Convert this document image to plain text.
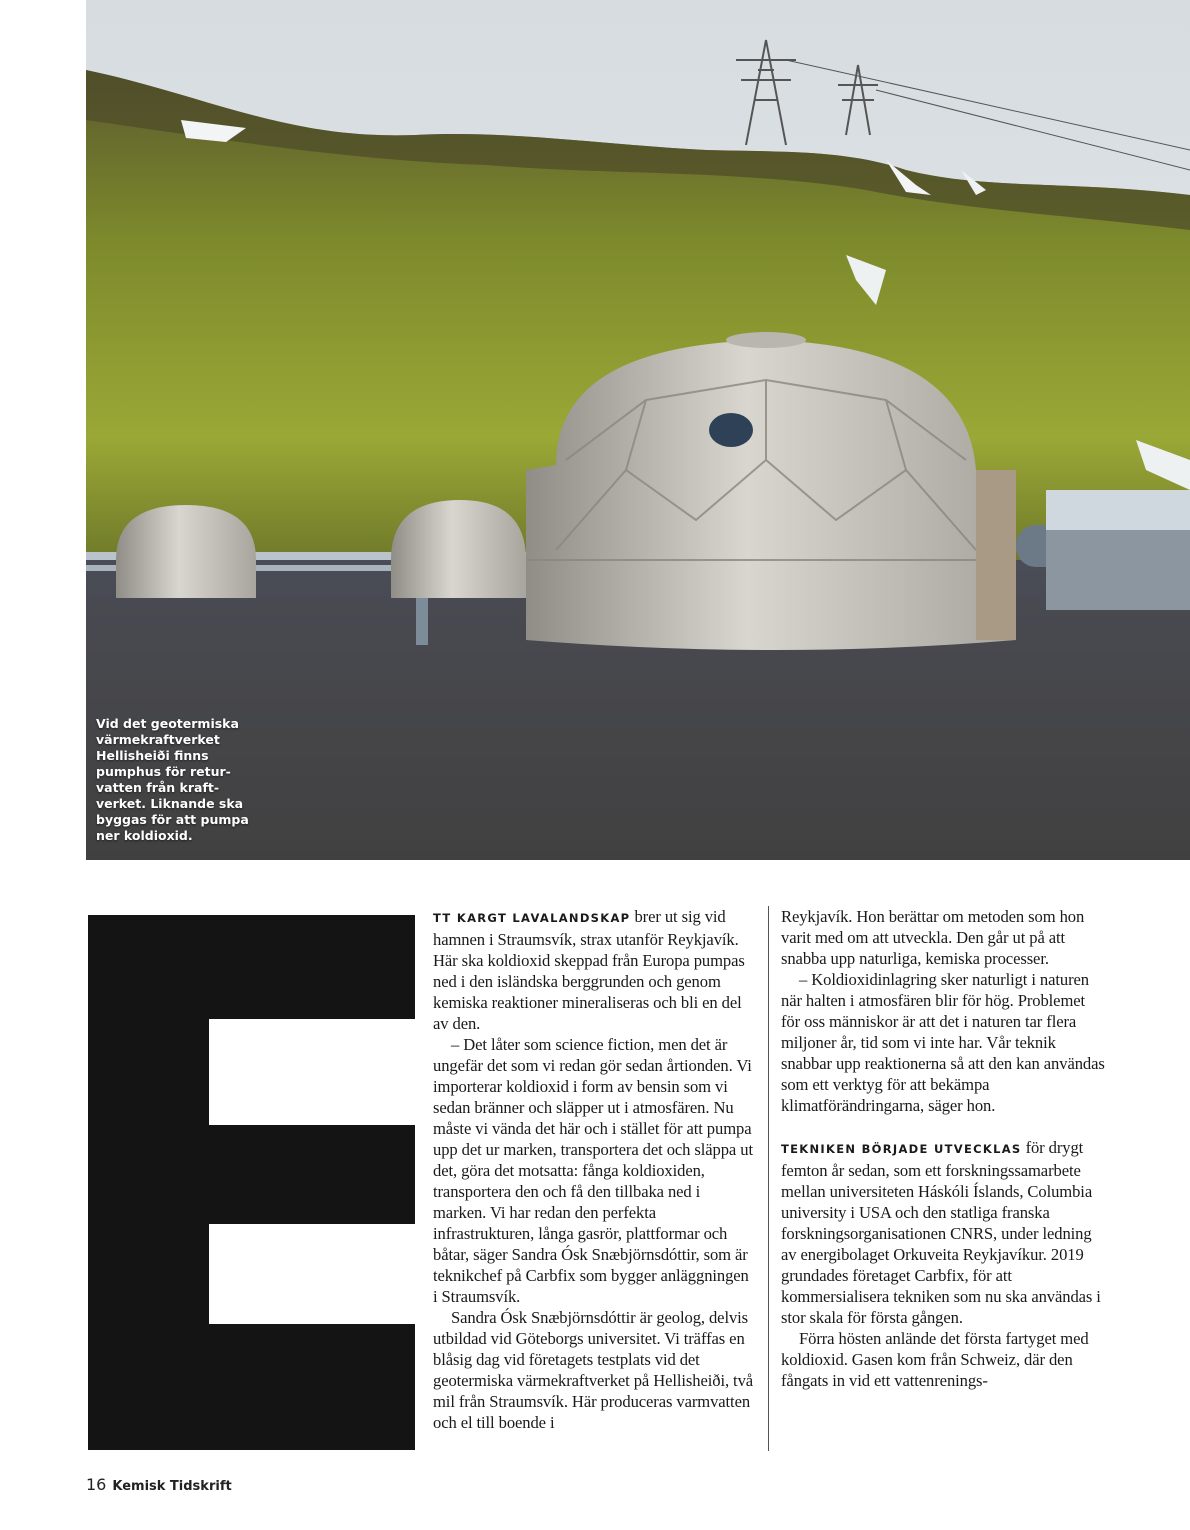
Vid det geotermiska
värmekraftverket
Hellisheiði finns
pumphus för retur-
vatten från kraft-
verket. Liknande ska
byggas för att pumpa
ner koldioxid.

TT KARGT LAVALANDSKAP brer ut sig vid hamnen i Straumsvík, strax utanför Reykjavík. Här ska koldioxid skeppad från Europa pumpas ned i den isländska berggrunden och genom kemiska reaktioner mineraliseras och bli en del av den.

– Det låter som science fiction, men det är ungefär det som vi redan gör sedan årtionden. Vi importerar koldioxid i form av bensin som vi sedan bränner och släpper ut i atmosfären. Nu måste vi vända det här och i stället för att pumpa upp det ur marken, transportera det och släppa ut det, göra det motsatta: fånga koldioxiden, transportera den och få den tillbaka ned i marken. Vi har redan den perfekta infrastrukturen, långa gasrör, plattformar och båtar, säger Sandra Ósk Snæbjörnsdóttir, som är teknikchef på Carbfix som bygger anläggningen i Straumsvík.

Sandra Ósk Snæbjörnsdóttir är geolog, delvis utbildad vid Göteborgs universitet. Vi träffas en blåsig dag vid företagets testplats vid det geotermiska värmekraftverket på Hellisheiði, två mil från Straumsvík. Här produceras varmvatten och el till boende i

Reykjavík. Hon berättar om metoden som hon varit med om att utveckla. Den går ut på att snabba upp naturliga, kemiska processer.

– Koldioxidinlagring sker naturligt i naturen när halten i atmosfären blir för hög. Problemet för oss människor är att det i naturen tar flera miljoner år, tid som vi inte har. Vår teknik snabbar upp reaktionerna så att den kan användas som ett verktyg för att bekämpa klimatförändringarna, säger hon.

TEKNIKEN BÖRJADE UTVECKLAS för drygt femton år sedan, som ett forskningssamarbete mellan universiteten Háskóli Íslands, Columbia university i USA och den statliga franska forskningsorganisationen CNRS, under ledning av energibolaget Orkuveita Reykjavíkur. 2019 grundades företaget Carbfix, för att kommersialisera tekniken som nu ska användas i stor skala för första gången.

Förra hösten anlände det första fartyget med koldioxid. Gasen kom från Schweiz, där den fångats in vid ett vattenrenings-

16 Kemisk Tidskrift
